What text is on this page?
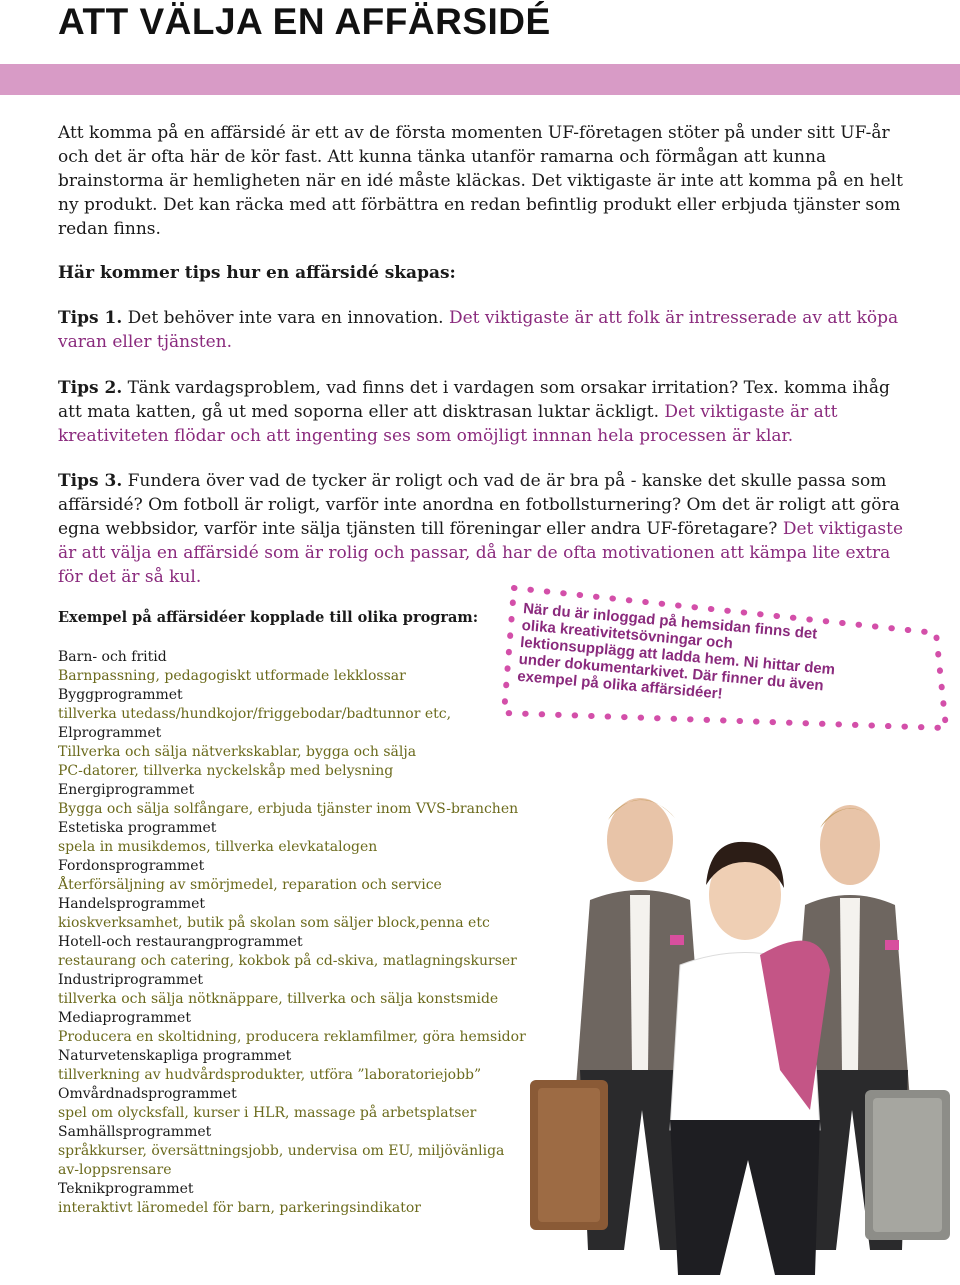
ATT VÄLJA EN AFFÄRSIDÉ

Att komma på en affärsidé är ett av de första momenten UF-företagen stöter på under sitt UF-år och det är ofta här de kör fast. Att kunna tänka utanför ramarna och förmågan att kunna brainstorma är hemligheten när en idé måste kläckas. Det viktigaste är inte att komma på en helt ny produkt. Det kan räcka med att förbättra en redan befintlig produkt eller erbjuda tjänster som redan finns.

Här kommer tips hur en affärsidé skapas:

Tips 1. Det behöver inte vara en innovation. Det viktigaste är att folk är intresserade av att köpa varan eller tjänsten.

Tips 2. Tänk vardagsproblem, vad finns det i vardagen som orsakar irritation? Tex. komma ihåg att mata katten, gå ut med soporna eller att disktrasan luktar äckligt. Det viktigaste är att kreativiteten flödar och att ingenting ses som omöjligt innnan hela processen är klar.

Tips 3. Fundera över vad de tycker är roligt och vad de är bra på - kanske det skulle passa som affärsidé? Om fotboll är roligt, varför inte anordna en fotbollsturnering? Om det är roligt att göra egna webbsidor, varför inte sälja tjänsten till föreningar eller andra UF-företagare? Det viktigaste är att välja en affärsidé som är rolig och passar, då har de ofta motivationen att kämpa lite extra för det är så kul.

Exempel på affärsidéer kopplade till olika program:

Barn- och fritid
Barnpassning, pedagogiskt utformade lekklossar
Byggprogrammet
tillverka utedass/hundkojor/friggebodar/badtunnor etc,
Elprogrammet
Tillverka och sälja nätverkskablar, bygga och sälja PC-datorer, tillverka nyckelskåp med belysning
Energiprogrammet
Bygga och sälja solfångare, erbjuda tjänster inom VVS-branchen
Estetiska programmet
spela in musikdemos, tillverka elevkatalogen
Fordonsprogrammet
Återförsäljning av smörjmedel, reparation och service
Handelsprogrammet
kioskverksamhet, butik på skolan som säljer block,penna etc
Hotell-och restaurangprogrammet
restaurang och catering, kokbok på cd-skiva, matlagningskurser
Industriprogrammet
tillverka och sälja nötknäppare, tillverka och sälja konstsmide
Mediaprogrammet
Producera en skoltidning, producera reklamfilmer, göra hemsidor
Naturvetenskapliga programmet
tillverkning av hudvårdsprodukter, utföra ”laboratoriejobb”
Omvårdnadsprogrammet
spel om olycksfall, kurser i HLR, massage på arbetsplatser
Samhällsprogrammet
språkkurser, översättningsjobb, undervisa om EU, miljövänliga av-loppsrensare
Teknikprogrammet
interaktivt läromedel för barn, parkeringsindikator
När du är inloggad på hemsidan finns det olika kreativitetsövningar och lektionsupplägg att ladda hem. Ni hittar dem under dokumentarkivet. Där finner du även exempel på olika affärsidéer!
